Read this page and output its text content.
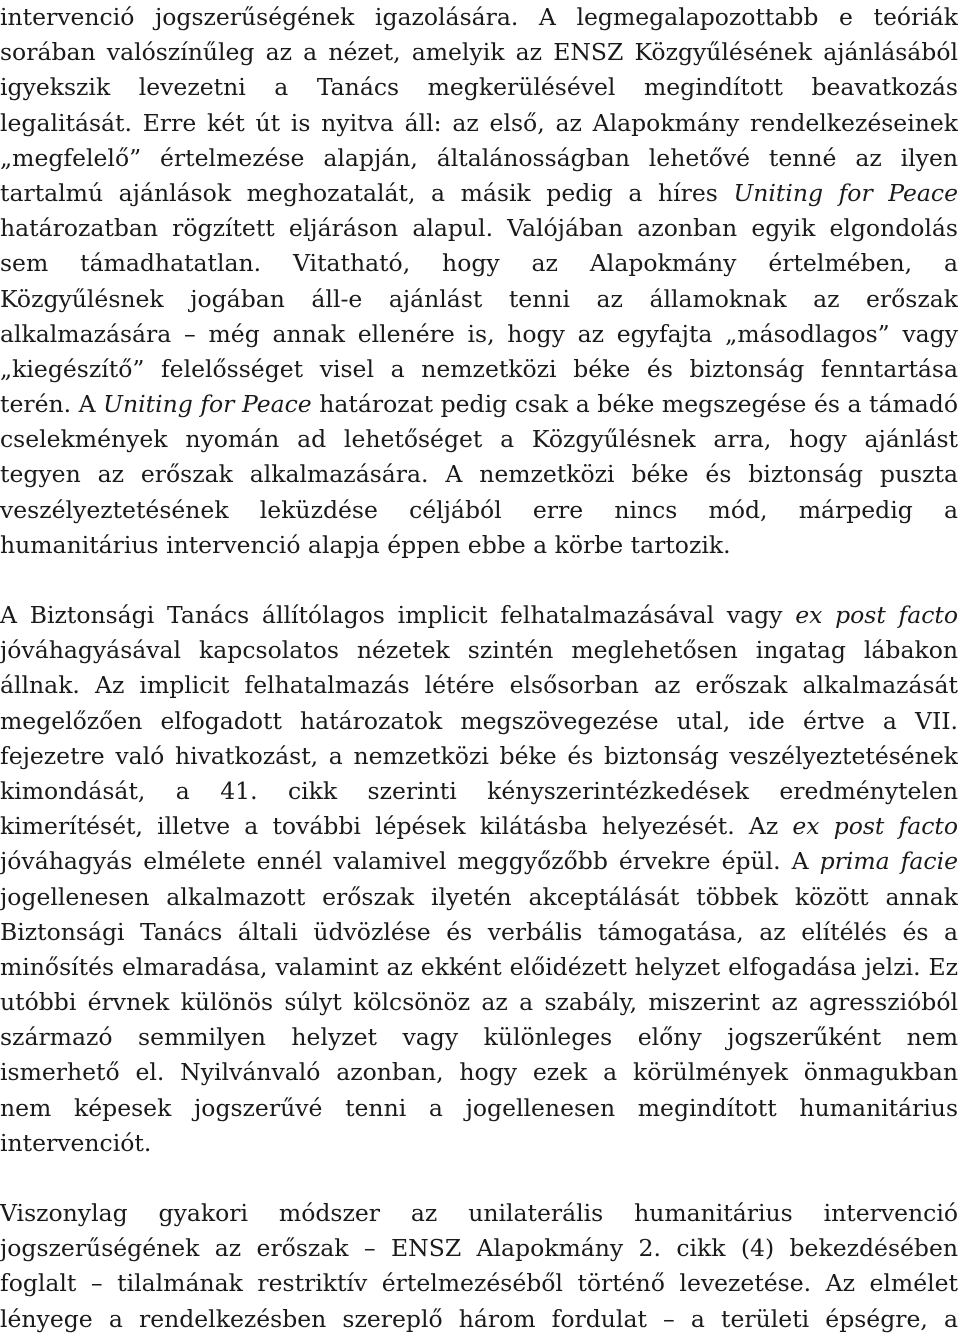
intervenció jogszerűségének igazolására. A legmegalapozottabb e teóriák
sorában valószínűleg az a nézet, amelyik az ENSZ Közgyűlésének ajánlásából
igyekszik levezetni a Tanács megkerülésével megindított beavatkozás
legalitását. Erre két út is nyitva áll: az első, az Alapokmány rendelkezéseinek
„megfelelő” értelmezése alapján, általánosságban lehetővé tenné az ilyen
tartalmú ajánlások meghozatalát, a másik pedig a híres Uniting for Peace
határozatban rögzített eljáráson alapul. Valójában azonban egyik elgondolás
sem támadhatatlan. Vitatható, hogy az Alapokmány értelmében, a
Közgyűlésnek jogában áll-e ajánlást tenni az államoknak az erőszak
alkalmazására – még annak ellenére is, hogy az egyfajta „másodlagos” vagy
„kiegészítő” felelősséget visel a nemzetközi béke és biztonság fenntartása
terén. A Uniting for Peace határozat pedig csak a béke megszegése és a támadó
cselekmények nyomán ad lehetőséget a Közgyűlésnek arra, hogy ajánlást
tegyen az erőszak alkalmazására. A nemzetközi béke és biztonság puszta
veszélyeztetésének leküzdése céljából erre nincs mód, márpedig a
humanitárius intervenció alapja éppen ebbe a körbe tartozik.
A Biztonsági Tanács állítólagos implicit felhatalmazásával vagy ex post facto
jóváhagyásával kapcsolatos nézetek szintén meglehetősen ingatag lábakon
állnak. Az implicit felhatalmazás létére elsősorban az erőszak alkalmazását
megelőzően elfogadott határozatok megszövegezése utal, ide értve a VII.
fejezetre való hivatkozást, a nemzetközi béke és biztonság veszélyeztetésének
kimondását, a 41. cikk szerinti kényszerintézkedések eredménytelen
kimerítését, illetve a további lépések kilátásba helyezését. Az ex post facto
jóváhagyás elmélete ennél valamivel meggyőzőbb érvekre épül. A prima facie
jogellenesen alkalmazott erőszak ilyetén akceptálását többek között annak
Biztonsági Tanács általi üdvözlése és verbális támogatása, az elítélés és a
minősítés elmaradása, valamint az ekként előidézett helyzet elfogadása jelzi. Ez
utóbbi érvnek különös súlyt kölcsönöz az a szabály, miszerint az agresszióból
származó semmilyen helyzet vagy különleges előny jogszerűként nem
ismerhető el. Nyilvánvaló azonban, hogy ezek a körülmények önmagukban
nem képesek jogszerűvé tenni a jogellenesen megindított humanitárius
intervenciót.
Viszonylag gyakori módszer az unilaterális humanitárius intervenció
jogszerűségének az erőszak – ENSZ Alapokmány 2. cikk (4) bekezdésében
foglalt – tilalmának restriktív értelmezéséből történő levezetése. Az elmélet
lényege a rendelkezésben szereplő három fordulat – a területi épségre, a
